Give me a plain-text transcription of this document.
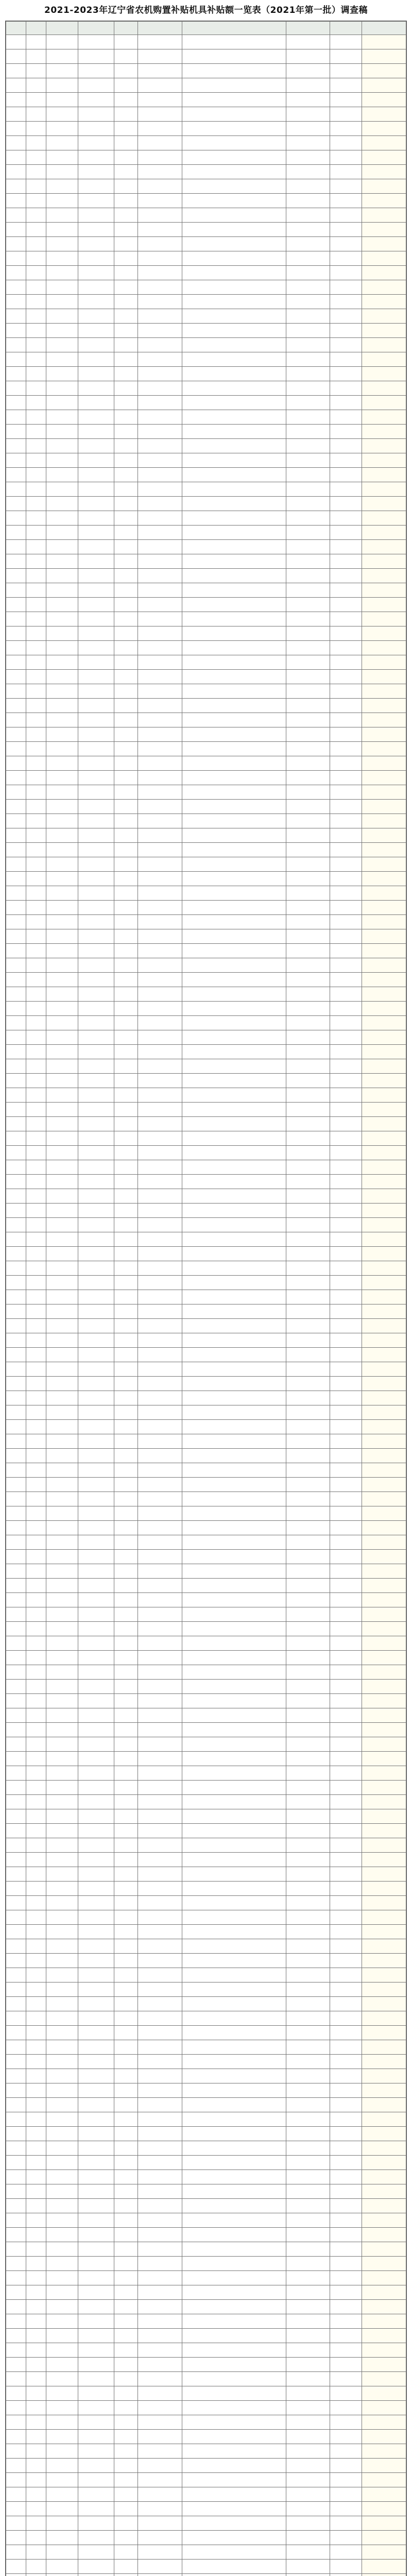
2021-2023年辽宁省农机购置补贴机具补贴额一览表（2021年第一批）调查稿
